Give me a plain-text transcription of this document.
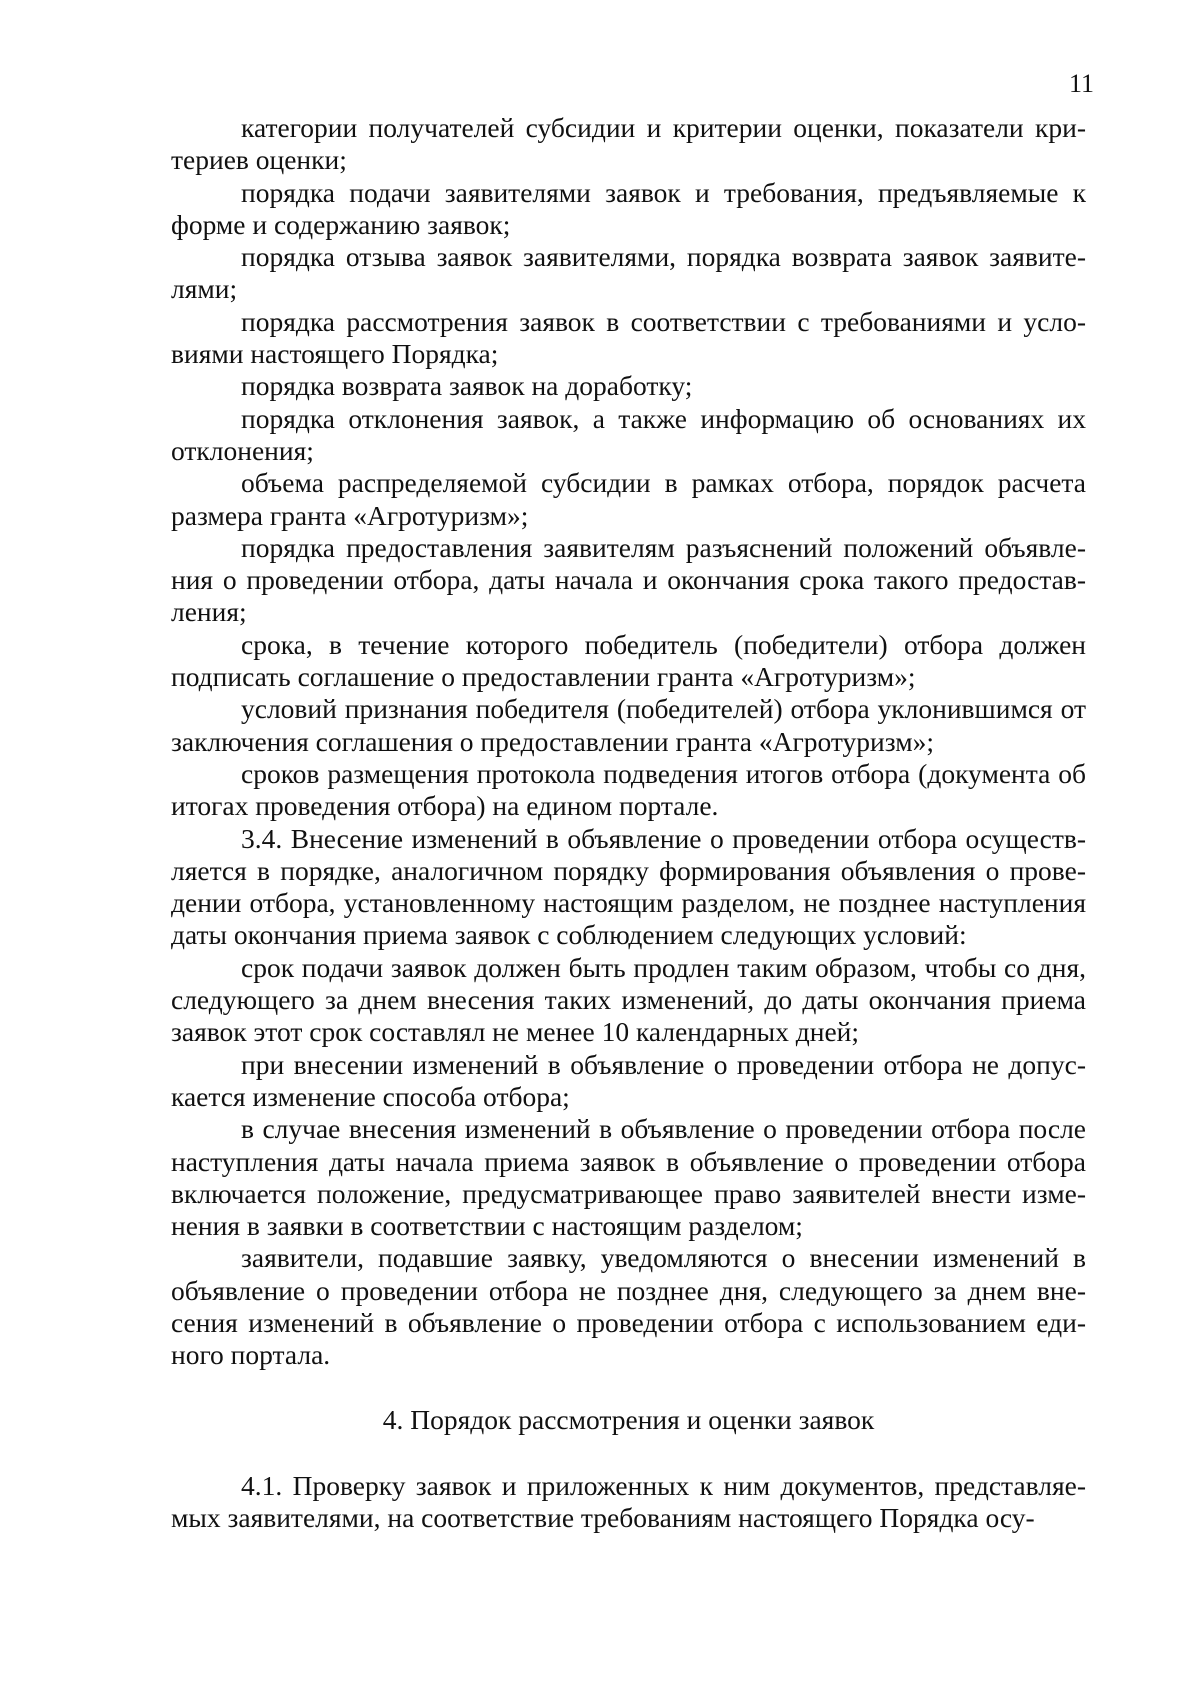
11

категории получателей субсидии и критерии оценки, показатели критериев оценки;

порядка подачи заявителями заявок и требования, предъявляемые к форме и содержанию заявок;

порядка отзыва заявок заявителями, порядка возврата заявок заявителями;

порядка рассмотрения заявок в соответствии с требованиями и условиями настоящего Порядка;

порядка возврата заявок на доработку;

порядка отклонения заявок, а также информацию об основаниях их отклонения;

объема распределяемой субсидии в рамках отбора, порядок расчета размера гранта «Агротуризм»;

порядка предоставления заявителям разъяснений положений объявления о проведении отбора, даты начала и окончания срока такого предоставления;

срока, в течение которого победитель (победители) отбора должен подписать соглашение о предоставлении гранта «Агротуризм»;

условий признания победителя (победителей) отбора уклонившимся от заключения соглашения о предоставлении гранта «Агротуризм»;

сроков размещения протокола подведения итогов отбора (документа об итогах проведения отбора) на едином портале.

3.4. Внесение изменений в объявление о проведении отбора осуществляется в порядке, аналогичном порядку формирования объявления о проведении отбора, установленному настоящим разделом, не позднее наступления даты окончания приема заявок с соблюдением следующих условий:

срок подачи заявок должен быть продлен таким образом, чтобы со дня, следующего за днем внесения таких изменений, до даты окончания приема заявок этот срок составлял не менее 10 календарных дней;

при внесении изменений в объявление о проведении отбора не допускается изменение способа отбора;

в случае внесения изменений в объявление о проведении отбора после наступления даты начала приема заявок в объявление о проведении отбора включается положение, предусматривающее право заявителей внести изменения в заявки в соответствии с настоящим разделом;

заявители, подавшие заявку, уведомляются о внесении изменений в объявление о проведении отбора не позднее дня, следующего за днем внесения изменений в объявление о проведении отбора с использованием единого портала.

4. Порядок рассмотрения и оценки заявок

4.1. Проверку заявок и приложенных к ним документов, представляемых заявителями, на соответствие требованиям настоящего Порядка осу-
